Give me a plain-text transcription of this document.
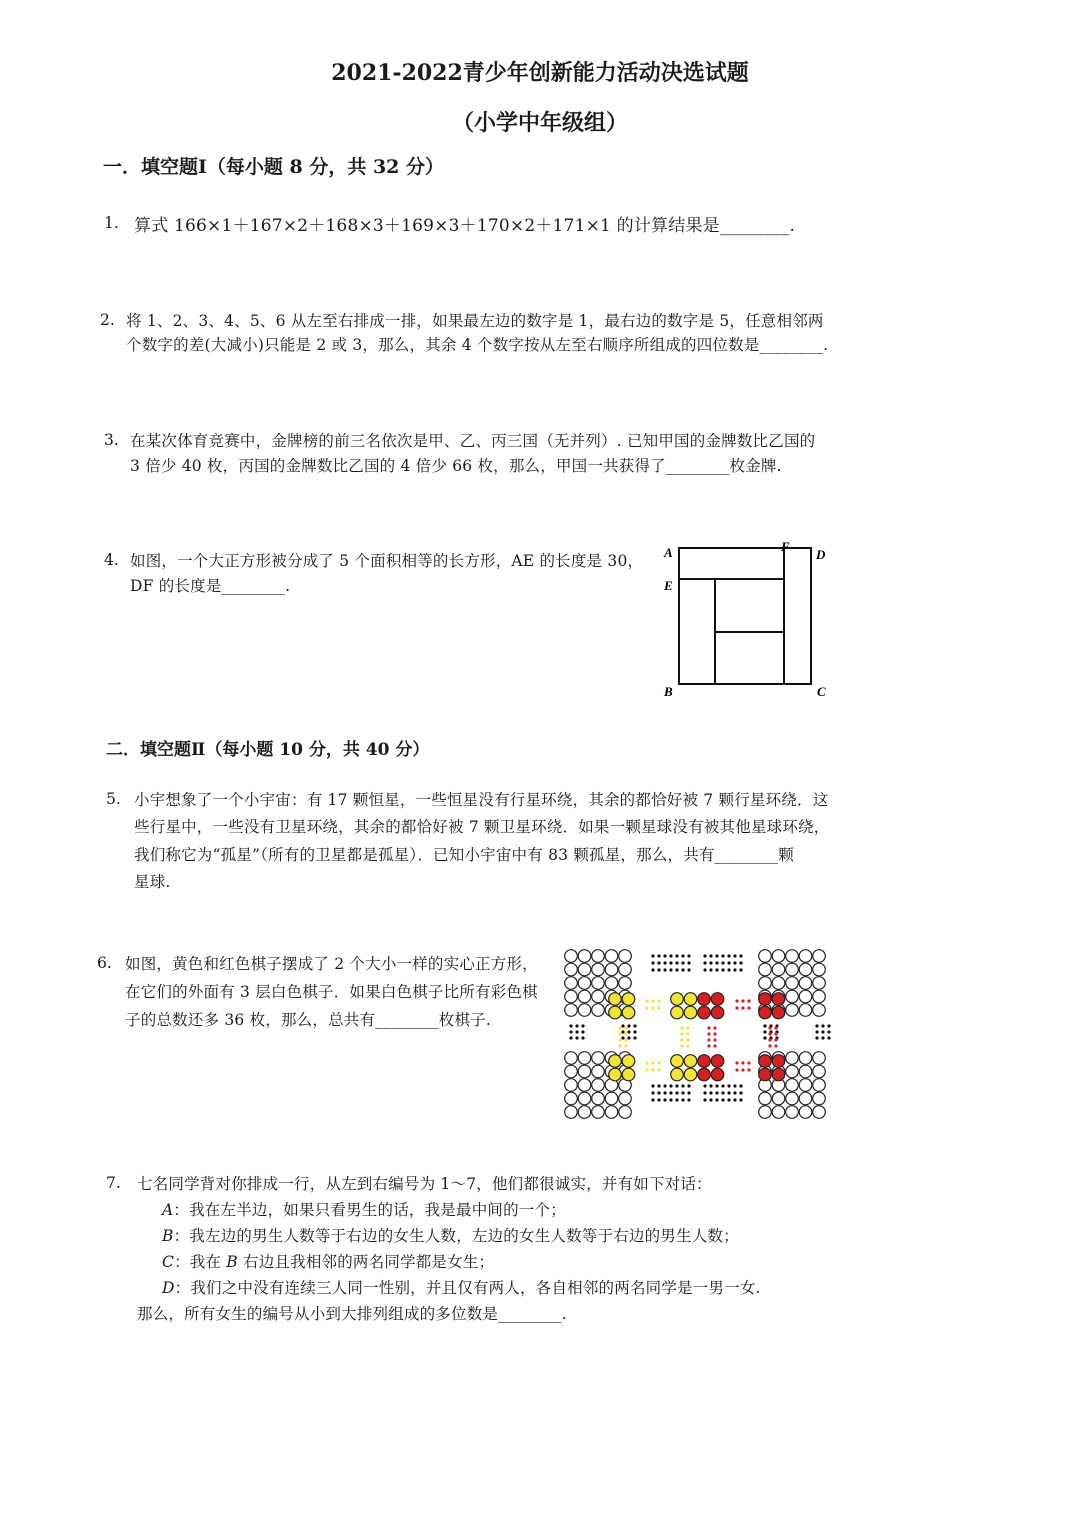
2021-2022青少年创新能力活动决选试题
（小学中年级组）
一．填空题Ⅰ（每小题 8 分，共 32 分）
1. 算式 166×1＋167×2＋168×3＋169×3＋170×2＋171×1 的计算结果是________.
2. 将 1、2、3、4、5、6 从左至右排成一排，如果最左边的数字是 1，最右边的数字是 5，任意相邻两
个数字的差(大减小)只能是 2 或 3，那么，其余 4 个数字按从左至右顺序所组成的四位数是________.
3. 在某次体育竞赛中，金牌榜的前三名依次是甲、乙、丙三国（无并列）. 已知甲国的金牌数比乙国的
3 倍少 40 枚，丙国的金牌数比乙国的 4 倍少 66 枚，那么，甲国一共获得了________枚金牌.
4. 如图，一个大正方形被分成了 5 个面积相等的长方形，AE 的长度是 30，
DF 的长度是________.
A
E
F
D
B	C
二．填空题Ⅱ（每小题 10 分，共 40 分）
5. 小宇想象了一个小宇宙：有 17 颗恒星，一些恒星没有行星环绕，其余的都恰好被 7 颗行星环绕．这
些行星中，一些没有卫星环绕，其余的都恰好被 7 颗卫星环绕．如果一颗星球没有被其他星球环绕，
我们称它为“孤星”（所有的卫星都是孤星）．已知小宇宙中有 83 颗孤星，那么，共有________颗
星球.
6. 如图，黄色和红色棋子摆成了 2 个大小一样的实心正方形，
在它们的外面有 3 层白色棋子．如果白色棋子比所有彩色棋
子的总数还多 36 枚，那么，总共有________枚棋子.
7. 七名同学背对你排成一行，从左到右编号为 1～7，他们都很诚实，并有如下对话：
A：我在左半边，如果只看男生的话，我是最中间的一个；
B：我左边的男生人数等于右边的女生人数，左边的女生人数等于右边的男生人数；
C：我在 B 右边且我相邻的两名同学都是女生；
D：我们之中没有连续三人同一性别，并且仅有两人，各自相邻的两名同学是一男一女.
那么，所有女生的编号从小到大排列组成的多位数是________.
